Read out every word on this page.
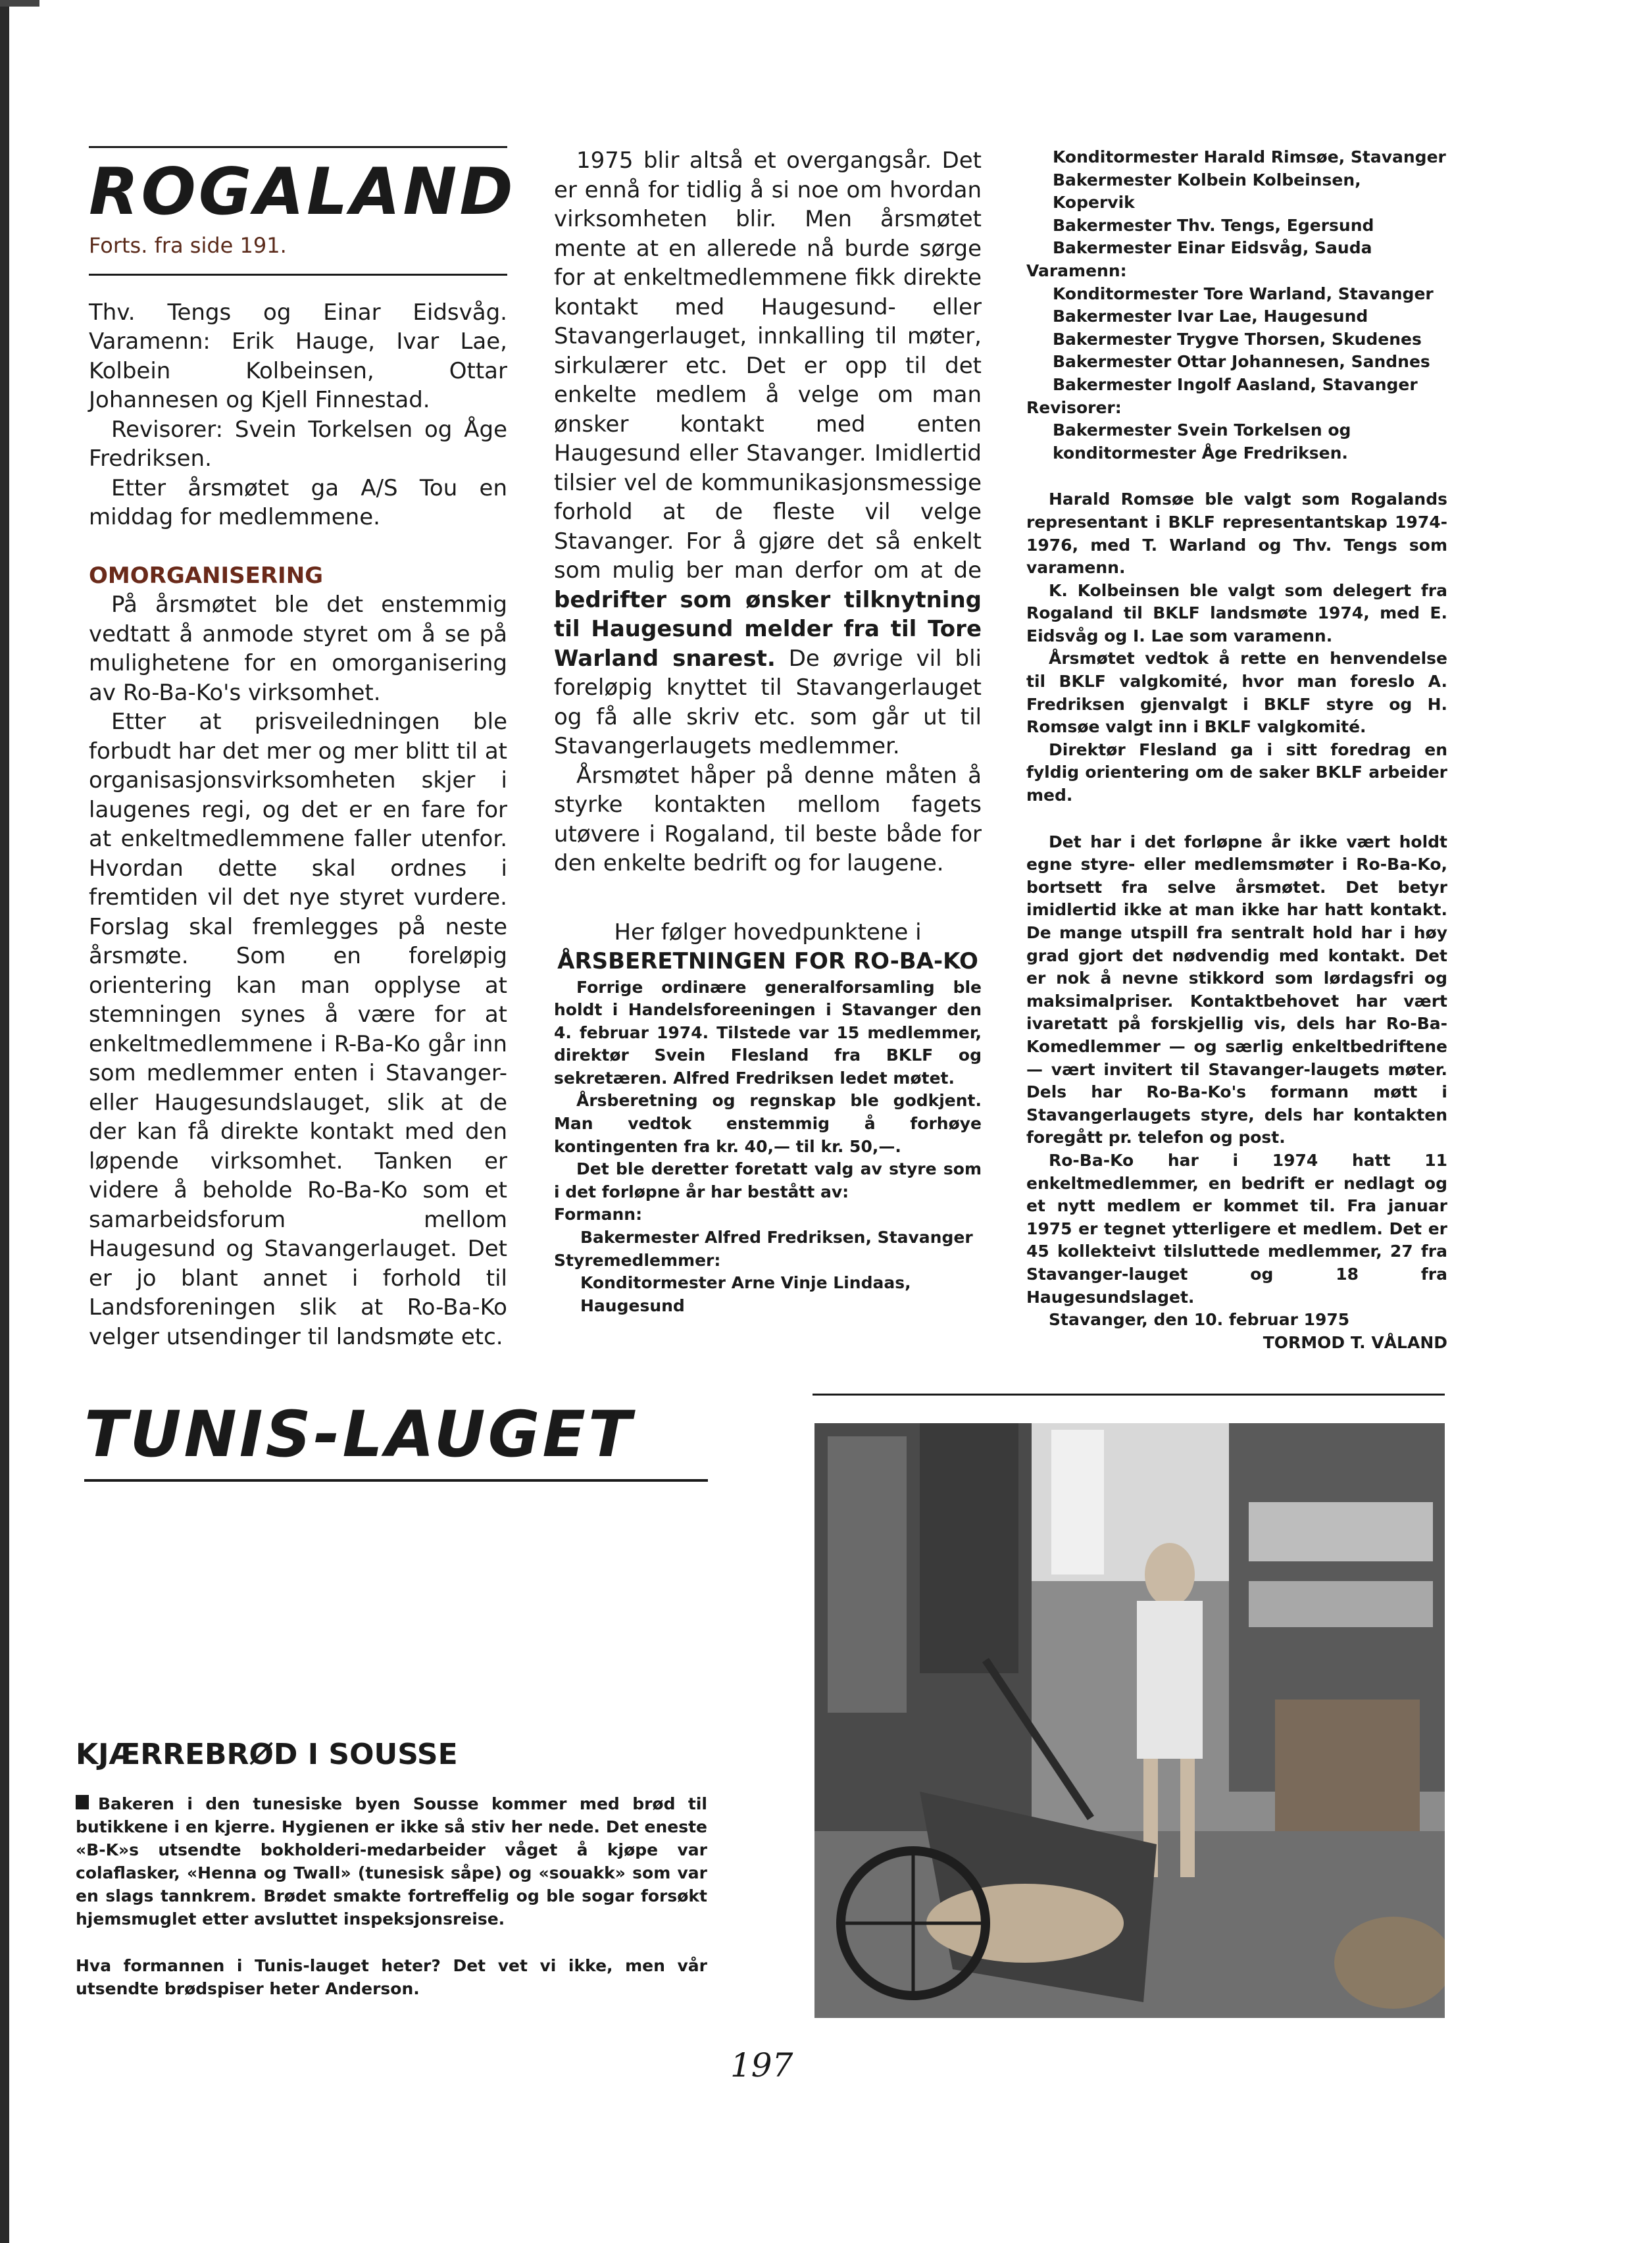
ROGALAND

Forts. fra side 191.

Thv. Tengs og Einar Eidsvåg. Varamenn: Erik Hauge, Ivar Lae, Kolbein Kolbeinsen, Ottar Johannesen og Kjell Finnestad.

Revisorer: Svein Torkelsen og Åge Fredriksen.

Etter årsmøtet ga A/S Tou en middag for medlemmene.

OMORGANISERING

På årsmøtet ble det enstemmig vedtatt å anmode styret om å se på mulighetene for en omorganisering av Ro-Ba-Ko's virksomhet.

Etter at prisveiledningen ble forbudt har det mer og mer blitt til at organisasjonsvirksomheten skjer i laugenes regi, og det er en fare for at enkeltmedlemmene faller utenfor. Hvordan dette skal ordnes i fremtiden vil det nye styret vurdere. Forslag skal fremlegges på neste årsmøte. Som en foreløpig orientering kan man opplyse at stemningen synes å være for at enkeltmedlemmene i R-Ba-Ko går inn som medlemmer enten i Stavanger- eller Haugesundslauget, slik at de der kan få direkte kontakt med den løpende virksomhet. Tanken er videre å beholde Ro-Ba-Ko som et samarbeidsforum mellom Haugesund og Stavangerlauget. Det er jo blant annet i forhold til Landsforeningen slik at Ro-Ba-Ko velger utsendinger til landsmøte etc.

1975 blir altså et overgangsår. Det er ennå for tidlig å si noe om hvordan virksomheten blir. Men årsmøtet mente at en allerede nå burde sørge for at enkeltmedlemmene fikk direkte kontakt med Haugesund- eller Stavangerlauget, innkalling til møter, sirkulærer etc. Det er opp til det enkelte medlem å velge om man ønsker kontakt med enten Haugesund eller Stavanger. Imidlertid tilsier vel de kommunikasjonsmessige forhold at de fleste vil velge Stavanger. For å gjøre det så enkelt som mulig ber man derfor om at de bedrifter som ønsker tilknytning til Haugesund melder fra til Tore Warland snarest. De øvrige vil bli foreløpig knyttet til Stavangerlauget og få alle skriv etc. som går ut til Stavangerlaugets medlemmer.

Årsmøtet håper på denne måten å styrke kontakten mellom fagets utøvere i Rogaland, til beste både for den enkelte bedrift og for laugene.

Her følger hovedpunktene i

ÅRSBERETNINGEN FOR RO-BA-KO

Forrige ordinære generalforsamling ble holdt i Handelsforeeningen i Stavanger den 4. februar 1974. Tilstede var 15 medlemmer, direktør Svein Flesland fra BKLF og sekretæren. Alfred Fredriksen ledet møtet.

Årsberetning og regnskap ble godkjent. Man vedtok enstemmig å forhøye kontingenten fra kr. 40,— til kr. 50,—.

Det ble deretter foretatt valg av styre som i det forløpne år har bestått av:

Formann:

Bakermester Alfred Fredriksen, Stavanger

Styremedlemmer:

Konditormester Arne Vinje Lindaas, Haugesund

Konditormester Harald Rimsøe, Stavanger

Bakermester Kolbein Kolbeinsen, Kopervik

Bakermester Thv. Tengs, Egersund

Bakermester Einar Eidsvåg, Sauda

Varamenn:

Konditormester Tore Warland, Stavanger

Bakermester Ivar Lae, Haugesund

Bakermester Trygve Thorsen, Skudenes

Bakermester Ottar Johannesen, Sandnes

Bakermester Ingolf Aasland, Stavanger

Revisorer:

Bakermester Svein Torkelsen og konditormester Åge Fredriksen.

Harald Romsøe ble valgt som Rogalands representant i BKLF representantskap 1974-1976, med T. Warland og Thv. Tengs som varamenn.

K. Kolbeinsen ble valgt som delegert fra Rogaland til BKLF landsmøte 1974, med E. Eidsvåg og I. Lae som varamenn.

Årsmøtet vedtok å rette en henvendelse til BKLF valgkomité, hvor man foreslo A. Fredriksen gjenvalgt i BKLF styre og H. Romsøe valgt inn i BKLF valgkomité.

Direktør Flesland ga i sitt foredrag en fyldig orientering om de saker BKLF arbeider med.

Det har i det forløpne år ikke vært holdt egne styre- eller medlemsmøter i Ro-Ba-Ko, bortsett fra selve årsmøtet. Det betyr imidlertid ikke at man ikke har hatt kontakt. De mange utspill fra sentralt hold har i høy grad gjort det nødvendig med kontakt. Det er nok å nevne stikkord som lørdagsfri og maksimalpriser. Kontaktbehovet har vært ivaretatt på forskjellig vis, dels har Ro-Ba-Komedlemmer — og særlig enkeltbedriftene — vært invitert til Stavanger-laugets møter. Dels har Ro-Ba-Ko's formann møtt i Stavangerlaugets styre, dels har kontakten foregått pr. telefon og post.

Ro-Ba-Ko har i 1974 hatt 11 enkeltmedlemmer, en bedrift er nedlagt og et nytt medlem er kommet til. Fra januar 1975 er tegnet ytterligere et medlem. Det er 45 kollekteivt tilsluttede medlemmer, 27 fra Stavanger-lauget og 18 fra Haugesundslaget.

Stavanger, den 10. februar 1975

TORMOD T. VÅLAND

TUNIS-LAUGET

KJÆRREBRØD I SOUSSE

Bakeren i den tunesiske byen Sousse kommer med brød til butikkene i en kjerre. Hygienen er ikke så stiv her nede. Det eneste «B-K»s utsendte bokholderi-medarbeider våget å kjøpe var colaflasker, «Henna og Twall» (tunesisk såpe) og «souakk» som var en slags tannkrem. Brødet smakte fortreffelig og ble sogar forsøkt hjemsmuglet etter avsluttet inspeksjonsreise.

Hva formannen i Tunis-lauget heter? Det vet vi ikke, men vår utsendte brødspiser heter Anderson.

197
